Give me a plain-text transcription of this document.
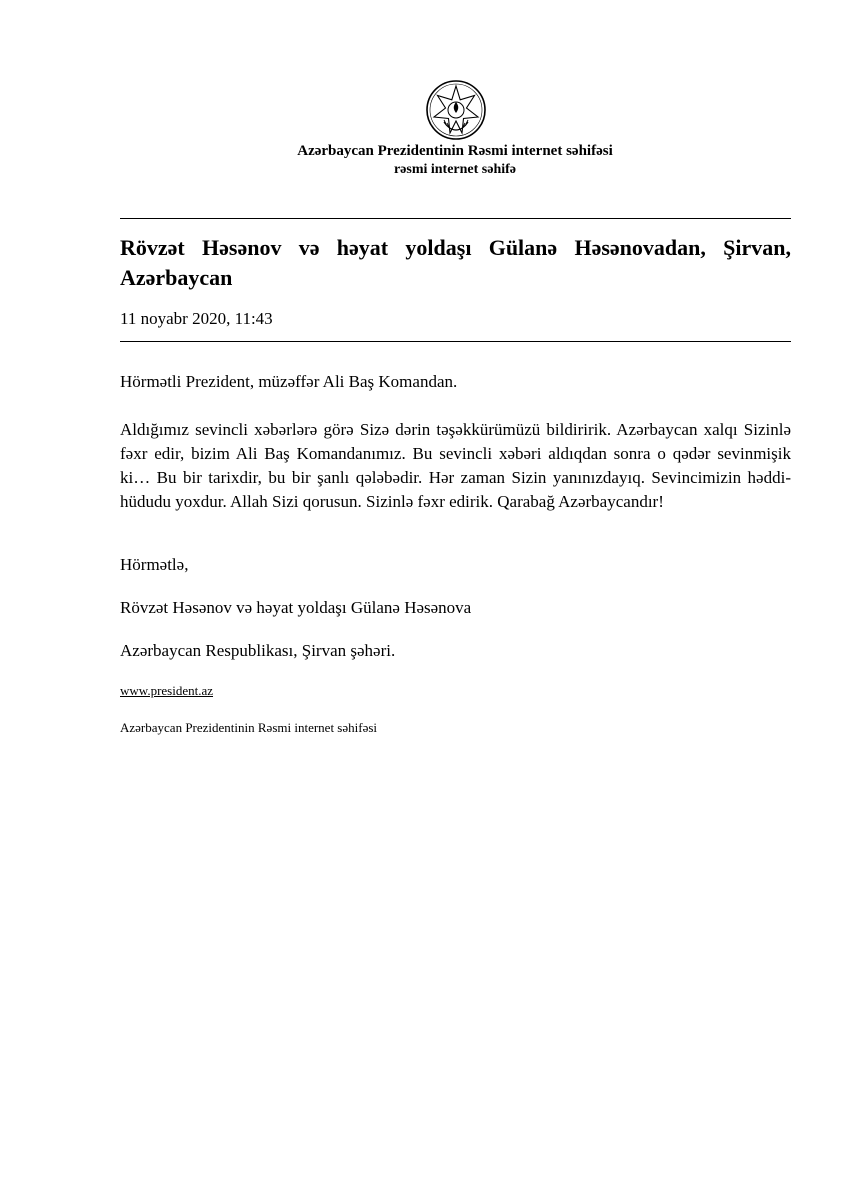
Azərbaycan Prezidentinin Rəsmi internet səhifəsi
rəsmi internet səhifə
Rövzət Həsənov və həyat yoldaşı Gülanə Həsənovadan, Şirvan, Azərbaycan
11 noyabr 2020, 11:43

Hörmətli Prezident, müzəffər Ali Baş Komandan.

Aldığımız sevincli xəbərlərə görə Sizə dərin təşəkkürümüzü bildiririk. Azərbaycan xalqı Sizinlə fəxr edir, bizim Ali Baş Komandanımız. Bu sevincli xəbəri aldıqdan sonra o qədər sevinmişik ki… Bu bir tarixdir, bu bir şanlı qələbədir. Hər zaman Sizin yanınızdayıq. Sevincimizin həddi-hüdudu yoxdur. Allah Sizi qorusun. Sizinlə fəxr edirik. Qarabağ Azərbaycandır!

Hörmətlə,

Rövzət Həsənov və həyat yoldaşı Gülanə Həsənova

Azərbaycan Respublikası, Şirvan şəhəri.

www.president.az
Azərbaycan Prezidentinin Rəsmi internet səhifəsi
